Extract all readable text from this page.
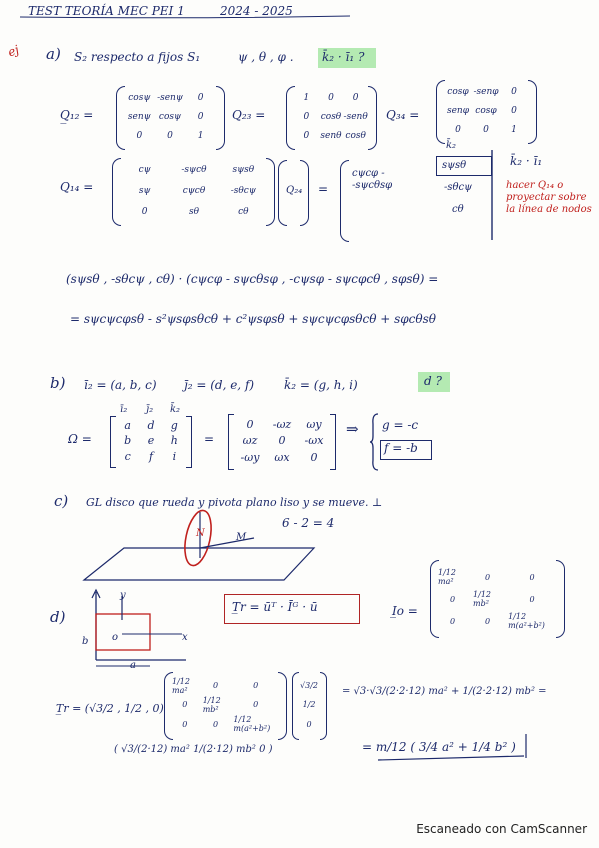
TEST TEORÍA MEC PEI 1	2024 - 2025
ej a) S₂ respecto a fijos S₁	ψ , θ , φ . k̄₂ · ī₁ ?
Q̲₁₂ =
cosψ -senψ 0
senψ cosψ 0
0	0	1
Q₂₃ =
1 0 0
0 cosθ -senθ
0 senθ cosθ
Q₃₄ =
cosφ -senφ 0
senφ cosφ 0
0 0 1
Q₁₄ =
cψ	-sψcθ	sψsθ
sψ	cψcθ	-sθcψ
0	sθ	cθ
Q₂₄ =
cψcφ -
-sψcθsφ
k̄₂
sψsθ
-sθcψ
cθ
k̄₂ · ī₁
hacer Q₁₄ o proyectar sobre la línea de nodos
(sψsθ , -sθcψ , cθ) · (cψcφ - sψcθsφ , -cψsφ - sψcφcθ , sφsθ) =
= sψcψcφsθ - s²ψsφsθcθ + c²ψsφsθ + sψcψcφsθcθ + sφcθsθ
b) ī₂ = (a, b, c) j̄₂ = (d, e, f) k̄₂ = (g, h, i)	d ?
Ω =
ī₂ j̄₂ k̄₂
a d g
b e h
c f i
=
0 -ωz ωy
ωz 0 -ωx
-ωy ωx 0
⇒ g = -c
f = -b
c) GL disco que rueda y pivota plano liso y se mueve. ⊥
6 - 2 = 4
N	M
d)
y
x
o
b
a
T̲r = ūᵀ · Īᴳ · ū	I̲o =
1/12 ma²	0	0
0 1/12 mb²	0
0	0 1/12 m(a²+b²)
T̲r = (√3/2 , 1/2 , 0)
1/12 ma²	0	0
0 1/12 mb²	0
0	0 1/12 m(a²+b²)
√3/2
1/2
0
( √3/(2·12) ma² 1/(2·12) mb² 0 )
= √3·√3/(2·2·12) ma² + 1/(2·2·12) mb² =
= m/12 ( 3/4 a² + 1/4 b² )
Escaneado con CamScanner
